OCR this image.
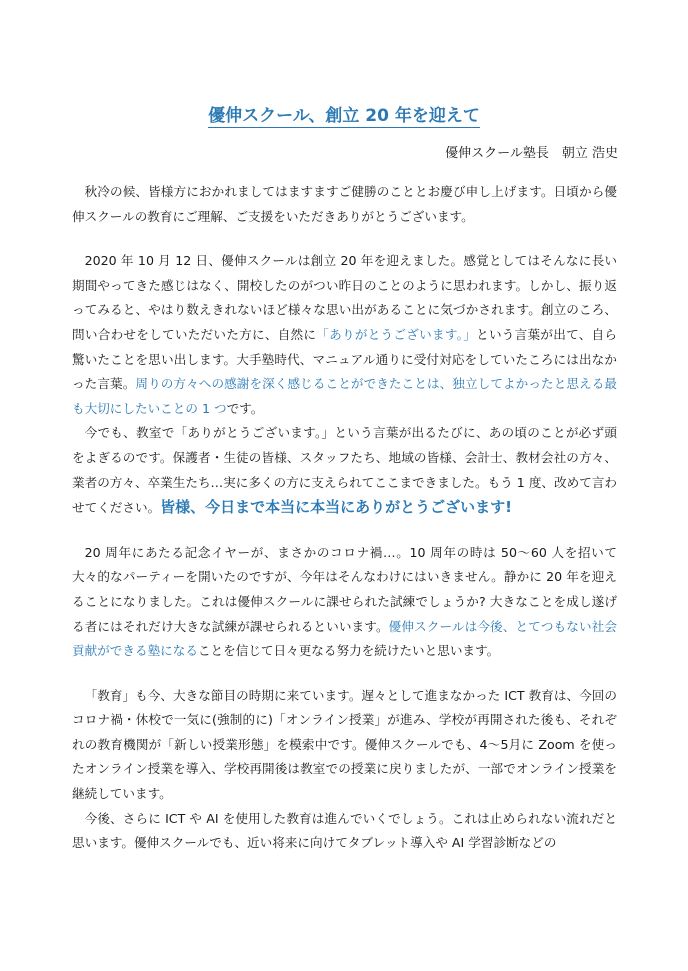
優伸スクール、創立 20 年を迎えて
優伸スクール塾長　朝立 浩史

秋冷の候、皆様方におかれましてはますますご健勝のこととお慶び申し上げます。日頃から優伸スクールの教育にご理解、ご支援をいただきありがとうございます。

2020 年 10 月 12 日、優伸スクールは創立 20 年を迎えました。感覚としてはそんなに長い期間やってきた感じはなく、開校したのがつい昨日のことのように思われます。しかし、振り返ってみると、やはり数えきれないほど様々な思い出があることに気づかされます。創立のころ、問い合わせをしていただいた方に、自然に「ありがとうございます。」という言葉が出て、自ら驚いたことを思い出します。大手塾時代、マニュアル通りに受付対応をしていたころには出なかった言葉。周りの方々への感謝を深く感じることができたことは、独立してよかったと思える最も大切にしたいことの 1 つです。

今でも、教室で「ありがとうございます。」という言葉が出るたびに、あの頃のことが必ず頭をよぎるのです。保護者・生徒の皆様、スタッフたち、地域の皆様、会計士、教材会社の方々、業者の方々、卒業生たち…実に多くの方に支えられてここまできました。もう 1 度、改めて言わせてください。皆様、今日まで本当に本当にありがとうございます!

20 周年にあたる記念イヤーが、まさかのコロナ禍…。10 周年の時は 50～60 人を招いて大々的なパーティーを開いたのですが、今年はそんなわけにはいきません。静かに 20 年を迎えることになりました。これは優伸スクールに課せられた試練でしょうか? 大きなことを成し遂げる者にはそれだけ大きな試練が課せられるといいます。優伸スクールは今後、とてつもない社会貢献ができる塾になることを信じて日々更なる努力を続けたいと思います。

「教育」も今、大きな節目の時期に来ています。遅々として進まなかった ICT 教育は、今回のコロナ禍・休校で一気に(強制的に)「オンライン授業」が進み、学校が再開された後も、それぞれの教育機関が「新しい授業形態」を模索中です。優伸スクールでも、4～5月に Zoom を使ったオンライン授業を導入、学校再開後は教室での授業に戻りましたが、一部でオンライン授業を継続しています。

今後、さらに ICT や AI を使用した教育は進んでいくでしょう。これは止められない流れだと思います。優伸スクールでも、近い将来に向けてタブレット導入や AI 学習診断などの
